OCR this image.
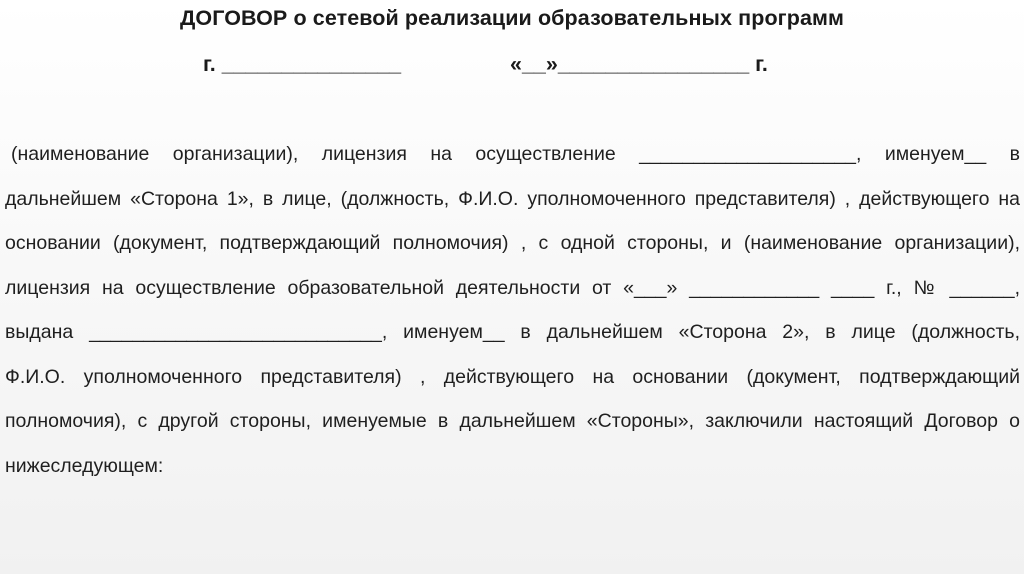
ДОГОВОР о сетевой реализации образовательных программ
г. _______________	«__»________________ г.
(наименование организации), лицензия на осуществление ____________________, именуем__ в дальнейшем «Сторона 1», в лице, (должность, Ф.И.О. уполномоченного представителя) , действующего на основании (документ, подтверждающий полномочия) , с одной стороны, и (наименование организации), лицензия на осуществление образовательной деятельности от «___» ____________ ____ г., № ______, выдана ___________________________, именуем__ в дальнейшем «Сторона 2», в лице (должность, Ф.И.О. уполномоченного представителя) , действующего на основании (документ, подтверждающий полномочия), с другой стороны, именуемые в дальнейшем «Стороны», заключили настоящий Договор о нижеследующем:
